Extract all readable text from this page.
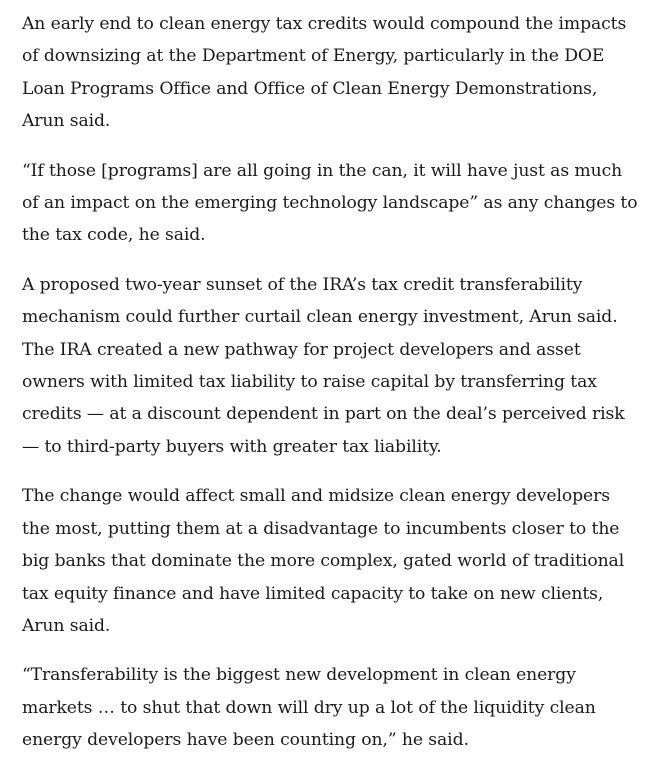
An early end to clean energy tax credits would compound the impacts of downsizing at the Department of Energy, particularly in the DOE Loan Programs Office and Office of Clean Energy Demonstrations, Arun said.

“If those [programs] are all going in the can, it will have just as much of an impact on the emerging technology landscape” as any changes to the tax code, he said.

A proposed two-year sunset of the IRA’s tax credit transferability mechanism could further curtail clean energy investment, Arun said. The IRA created a new pathway for project developers and asset owners with limited tax liability to raise capital by transferring tax credits — at a discount dependent in part on the deal’s perceived risk — to third-party buyers with greater tax liability.

The change would affect small and midsize clean energy developers the most, putting them at a disadvantage to incumbents closer to the big banks that dominate the more complex, gated world of traditional tax equity finance and have limited capacity to take on new clients, Arun said.

“Transferability is the biggest new development in clean energy markets … to shut that down will dry up a lot of the liquidity clean energy developers have been counting on,” he said.
